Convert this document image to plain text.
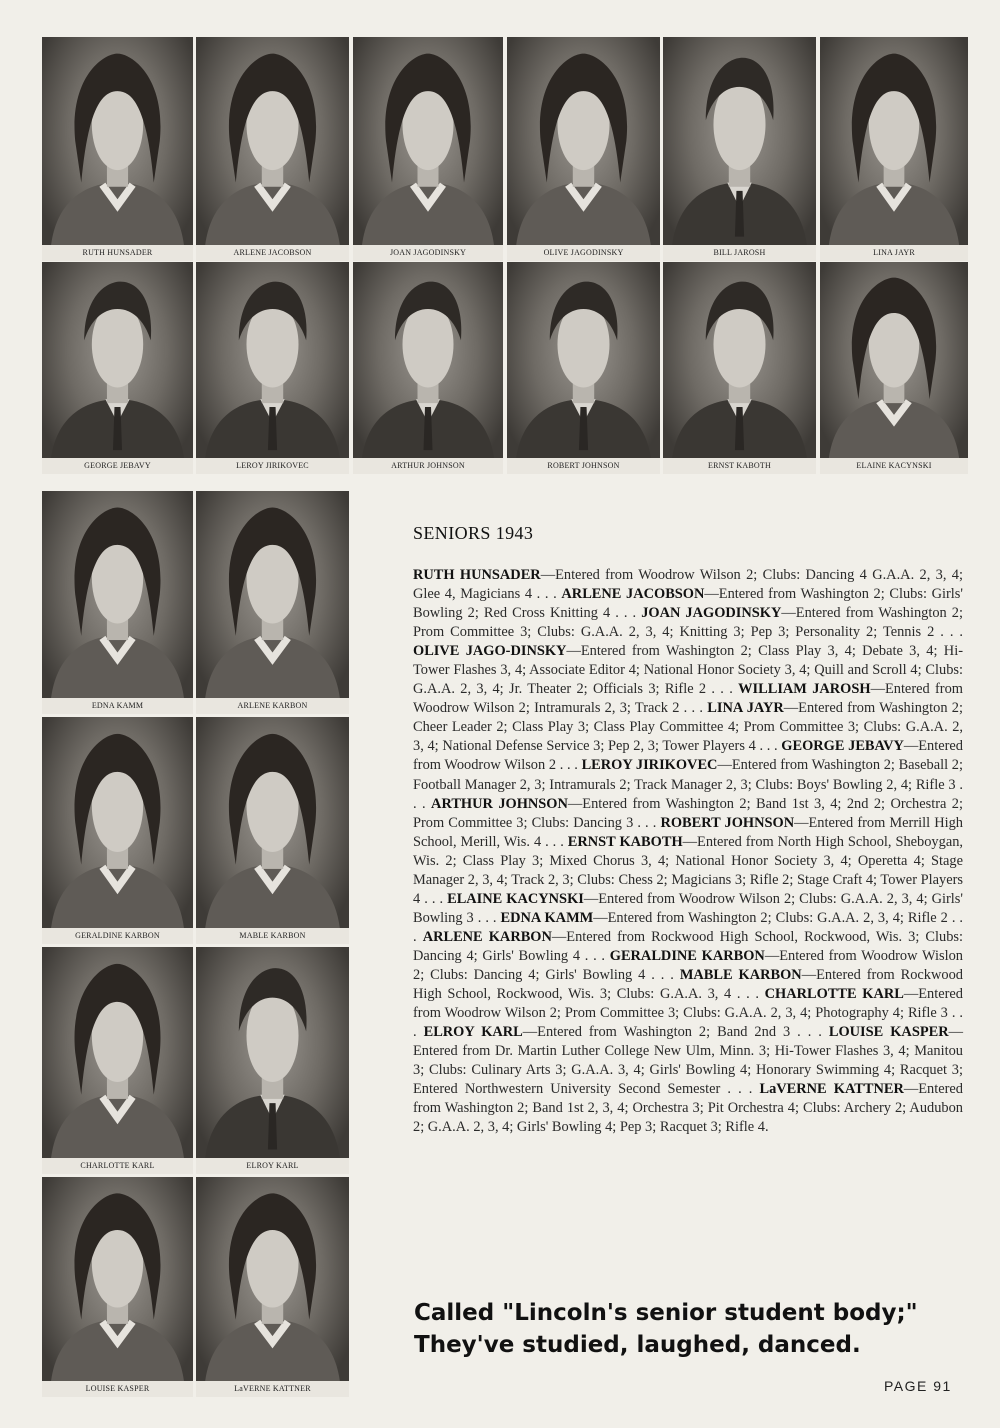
RUTH HUNSADER	ARLENE JACOBSON	JOAN JAGODINSKY	OLIVE JAGODINSKY	BILL JAROSH	LINA JAYR
GEORGE JEBAVY	LEROY JIRIKOVEC	ARTHUR JOHNSON	ROBERT JOHNSON	ERNST KABOTH	ELAINE KACYNSKI
EDNA KAMM	ARLENE KARBON
GERALDINE KARBON	MABLE KARBON
CHARLOTTE KARL	ELROY KARL
LOUISE KASPER	LaVERNE KATTNER
SENIORS 1943
RUTH HUNSADER—Entered from Woodrow Wilson 2; Clubs: Dancing 4 G.A.A. 2, 3, 4; Glee 4, Magicians 4 . . . ARLENE JACOBSON—Entered from Washington 2; Clubs: Girls' Bowling 2; Red Cross Knitting 4 . . . JOAN JAGODINSKY—Entered from Washington 2; Prom Committee 3; Clubs: G.A.A. 2, 3, 4; Knitting 3; Pep 3; Personality 2; Tennis 2 . . . OLIVE JAGO-DINSKY—Entered from Washington 2; Class Play 3, 4; Debate 3, 4; Hi-Tower Flashes 3, 4; Associate Editor 4; National Honor Society 3, 4; Quill and Scroll 4; Clubs: G.A.A. 2, 3, 4; Jr. Theater 2; Officials 3; Rifle 2 . . . WILLIAM JAROSH—Entered from Woodrow Wilson 2; Intramurals 2, 3; Track 2 . . . LINA JAYR—Entered from Washington 2; Cheer Leader 2; Class Play 3; Class Play Committee 4; Prom Committee 3; Clubs: G.A.A. 2, 3, 4; National Defense Service 3; Pep 2, 3; Tower Players 4 . . . GEORGE JEBAVY—Entered from Woodrow Wilson 2 . . . LEROY JIRIKOVEC—Entered from Washington 2; Baseball 2; Football Manager 2, 3; Intramurals 2; Track Manager 2, 3; Clubs: Boys' Bowling 2, 4; Rifle 3 . . . ARTHUR JOHNSON—Entered from Washington 2; Band 1st 3, 4; 2nd 2; Orchestra 2; Prom Committee 3; Clubs: Dancing 3 . . . ROBERT JOHNSON—Entered from Merrill High School, Merill, Wis. 4 . . . ERNST KABOTH—Entered from North High School, Sheboygan, Wis. 2; Class Play 3; Mixed Chorus 3, 4; National Honor Society 3, 4; Operetta 4; Stage Manager 2, 3, 4; Track 2, 3; Clubs: Chess 2; Magicians 3; Rifle 2; Stage Craft 4; Tower Players 4 . . . ELAINE KACYNSKI—Entered from Woodrow Wilson 2; Clubs: G.A.A. 2, 3, 4; Girls' Bowling 3 . . . EDNA KAMM—Entered from Washington 2; Clubs: G.A.A. 2, 3, 4; Rifle 2 . . . ARLENE KARBON—Entered from Rockwood High School, Rockwood, Wis. 3; Clubs: Dancing 4; Girls' Bowling 4 . . . GERALDINE KARBON—Entered from Woodrow Wislon 2; Clubs: Dancing 4; Girls' Bowling 4 . . . MABLE KARBON—Entered from Rockwood High School, Rockwood, Wis. 3; Clubs: G.A.A. 3, 4 . . . CHARLOTTE KARL—Entered from Woodrow Wilson 2; Prom Committee 3; Clubs: G.A.A. 2, 3, 4; Photography 4; Rifle 3 . . . ELROY KARL—Entered from Washington 2; Band 2nd 3 . . . LOUISE KASPER—Entered from Dr. Martin Luther College New Ulm, Minn. 3; Hi-Tower Flashes 3, 4; Manitou 3; Clubs: Culinary Arts 3; G.A.A. 3, 4; Girls' Bowling 4; Honorary Swimming 4; Racquet 3; Entered Northwestern University Second Semester . . . LaVERNE KATTNER—Entered from Washington 2; Band 1st 2, 3, 4; Orchestra 3; Pit Orchestra 4; Clubs: Archery 2; Audubon 2; G.A.A. 2, 3, 4; Girls' Bowling 4; Pep 3; Racquet 3; Rifle 4.
Called "Lincoln's senior student body;"
They've studied, laughed, danced.
PAGE 91
